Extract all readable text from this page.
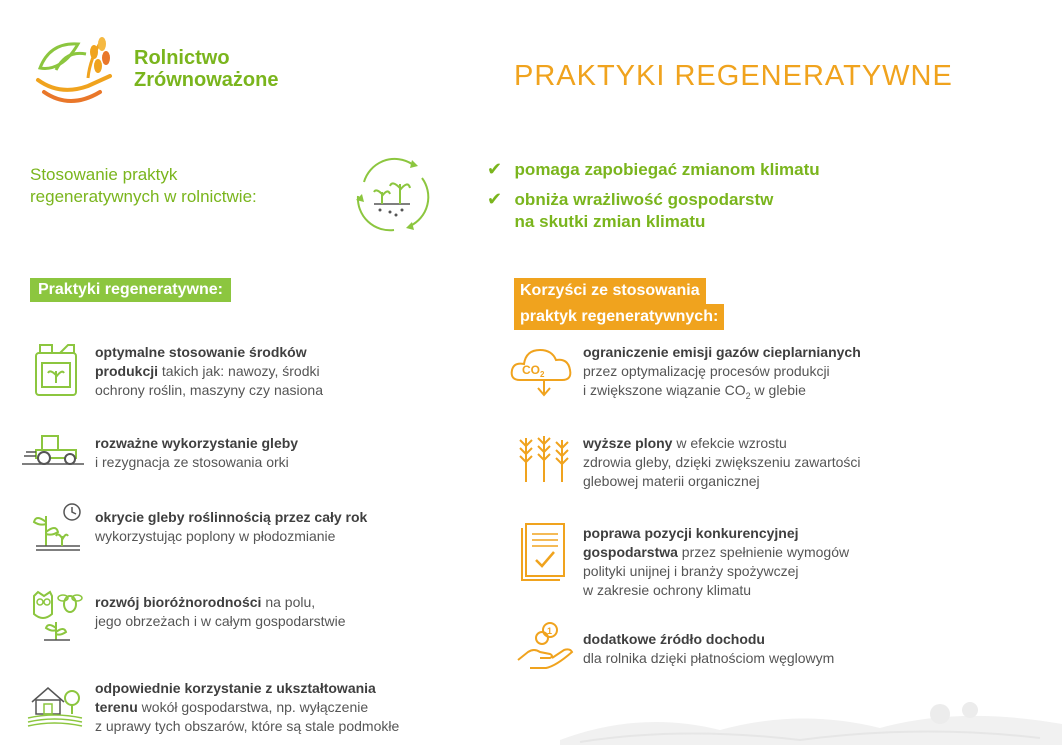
Rolnictwo
Zrównoważone	PRAKTYKI REGENERATYWNE
Stosowanie praktyk
regeneratywnych w rolnictwie:
✔ pomaga zapobiegać zmianom klimatu
✔ obniża wrażliwość gospodarstw
na skutki zmian klimatu
Praktyki regeneratywne:	Korzyści ze stosowania
praktyk regeneratywnych:
optymalne stosowanie środków
produkcji takich jak: nawozy, środki
ochrony roślin, maszyny czy nasiona
rozważne wykorzystanie gleby
i rezygnacja ze stosowania orki
okrycie gleby roślinnością przez cały rok
wykorzystując poplony w płodozmianie
rozwój bioróżnorodności na polu,
jego obrzeżach i w całym gospodarstwie
odpowiednie korzystanie z ukształtowania
terenu wokół gospodarstwa, np. wyłączenie
z uprawy tych obszarów, które są stale podmokłe
$CO_2$
ograniczenie emisji gazów cieplarnianych
przez optymalizację procesów produkcji
i zwiększone wiązanie $CO_2$ w glebie
wyższe plony w efekcie wzrostu
zdrowia gleby, dzięki zwiększeniu zawartości
glebowej materii organicznej
poprawa pozycji konkurencyjnej
gospodarstwa przez spełnienie wymogów
polityki unijnej i branży spożywczej
w zakresie ochrony klimatu
1 dodatkowe źródło dochodu
dla rolnika dzięki płatnościom węglowym
